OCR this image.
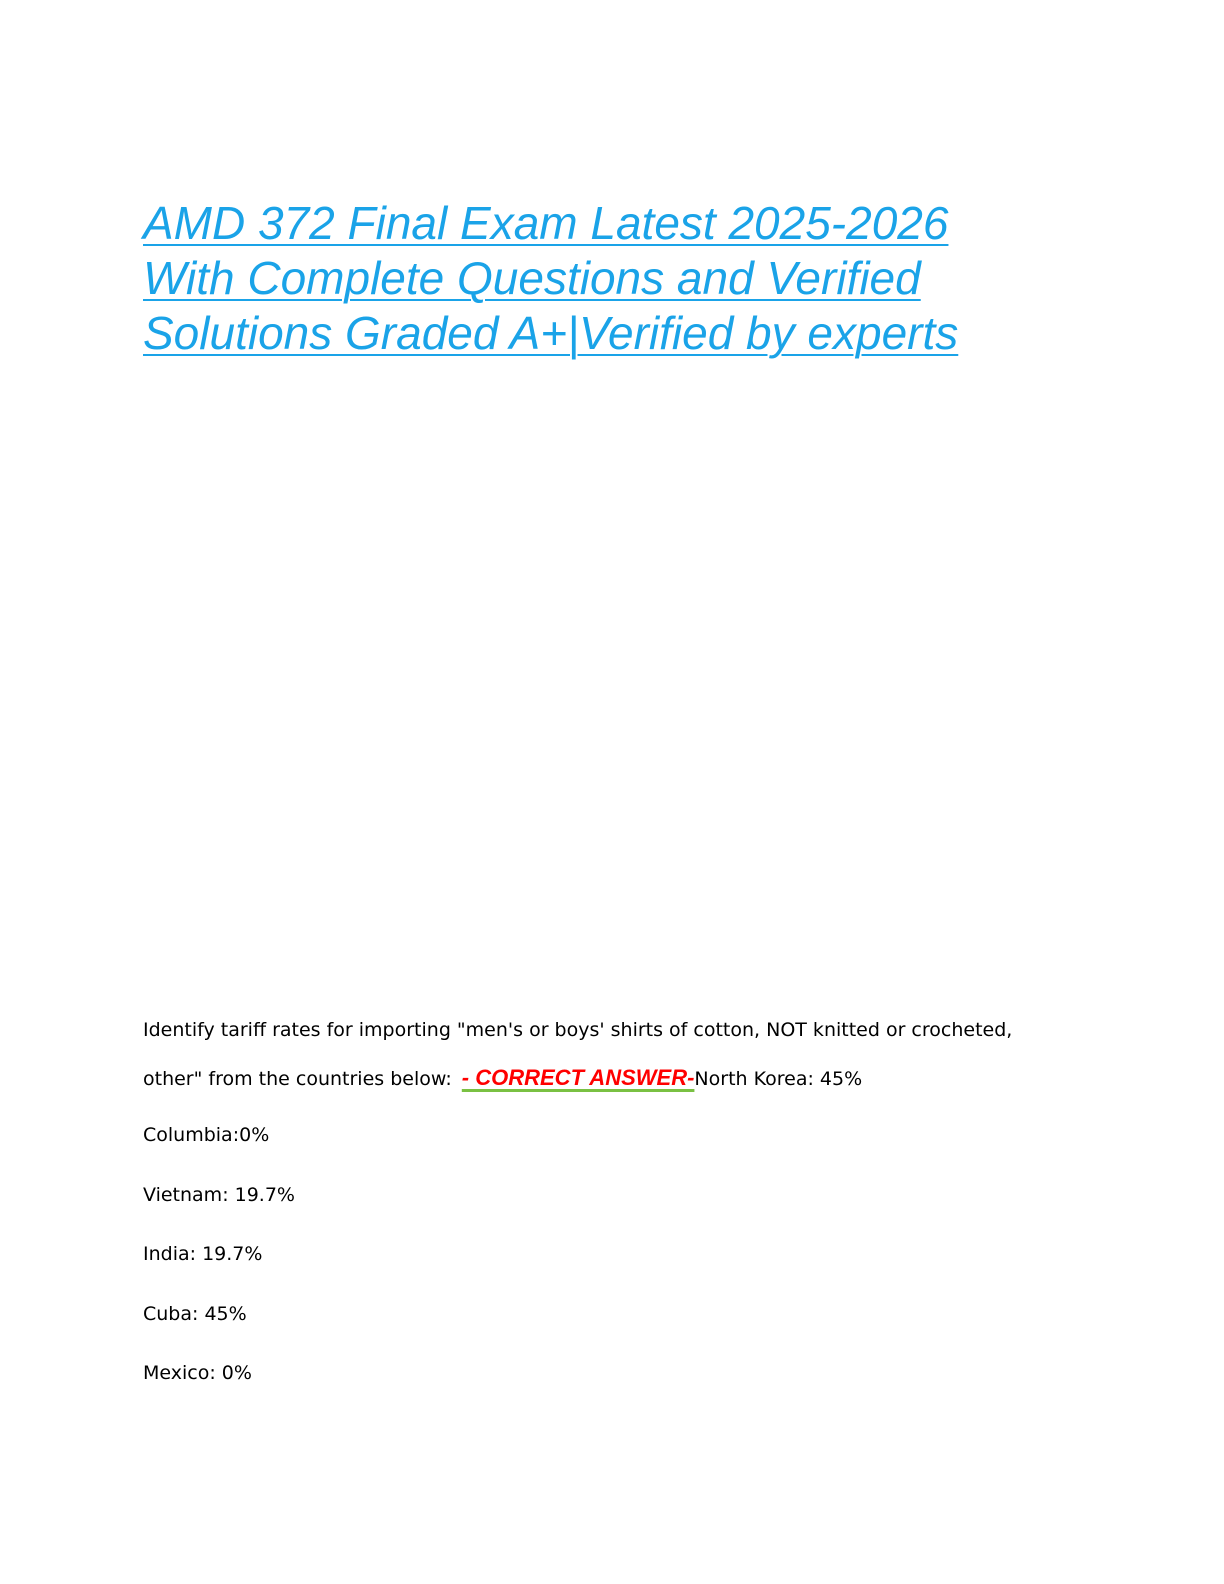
AMD 372 Final Exam Latest 2025-2026
With Complete Questions and Verified
Solutions Graded A+|Verified by experts
Identify tariff rates for importing "men's or boys' shirts of cotton, NOT knitted or crocheted,
other" from the countries below: - CORRECT ANSWER-North Korea: 45%
Columbia:0%
Vietnam: 19.7%
India: 19.7%
Cuba: 45%
Mexico: 0%
